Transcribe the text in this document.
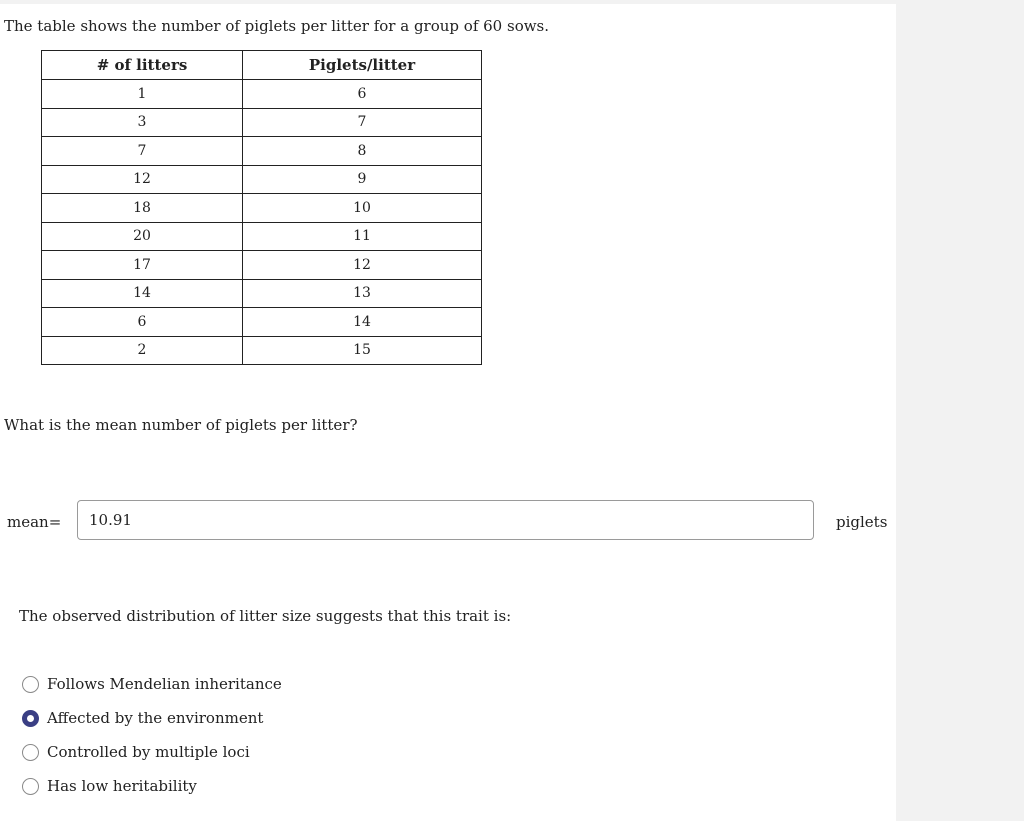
The table shows the number of piglets per litter for a group of 60 sows.

# of litters	Piglets/litter
1	6
3	7
7	8
12	9
18	10
20	11
17	12
14	13
6	14
2	15

What is the mean number of piglets per litter?

mean=	10.91	piglets

The observed distribution of litter size suggests that this trait is:

Follows Mendelian inheritance
Affected by the environment
Controlled by multiple loci
Has low heritability
